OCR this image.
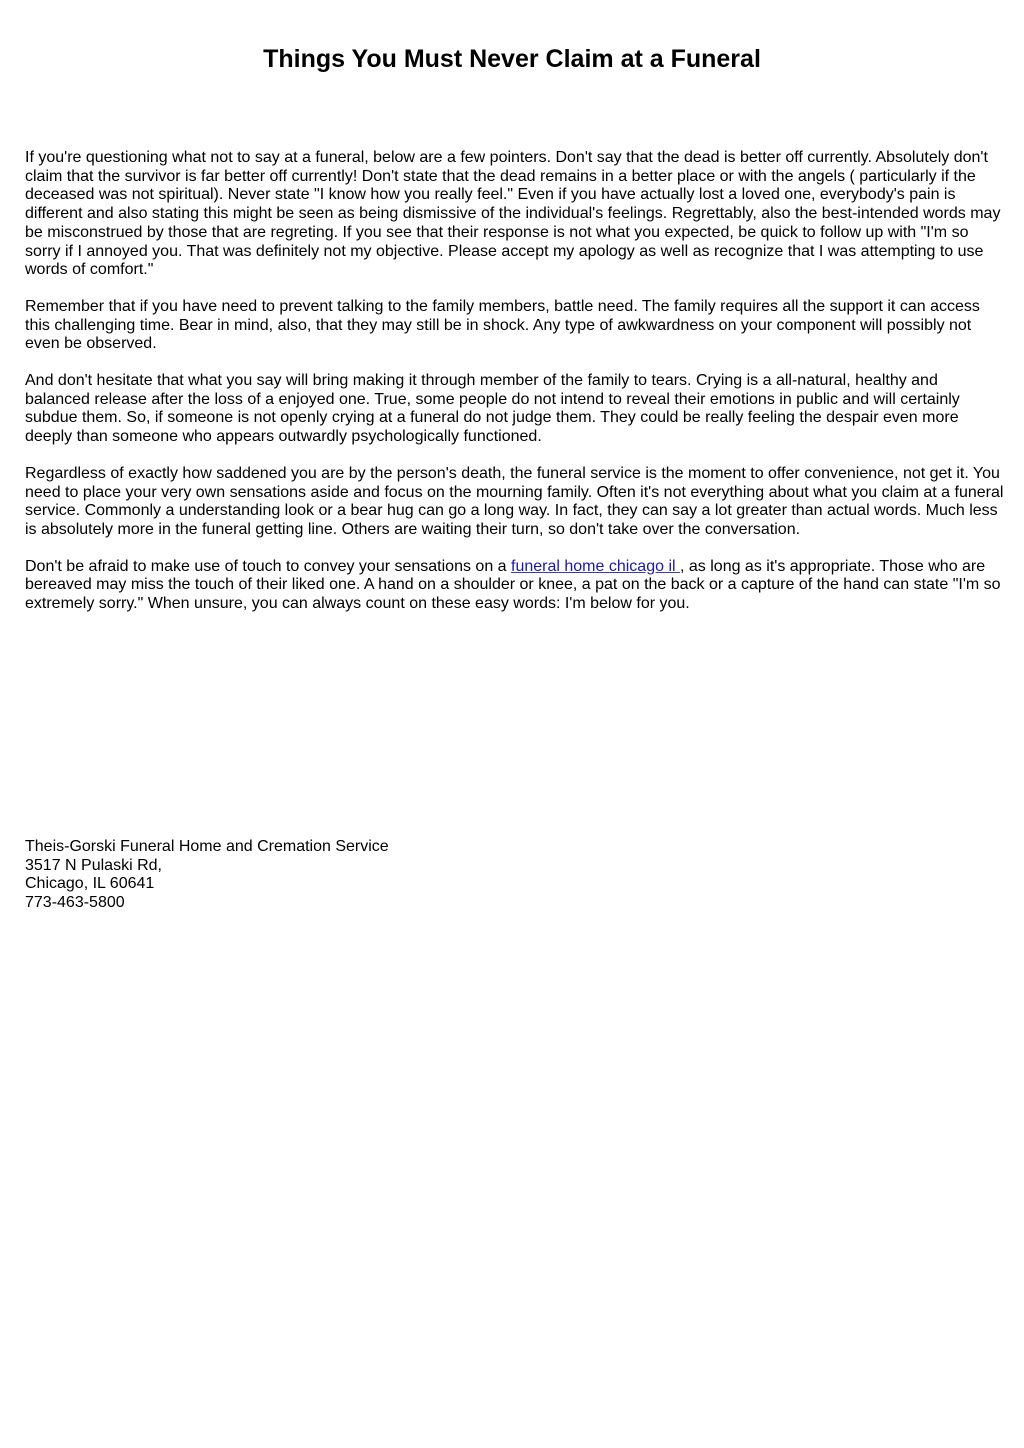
Things You Must Never Claim at a Funeral

If you're questioning what not to say at a funeral, below are a few pointers. Don't say that the dead is better off currently. Absolutely don't claim that the survivor is far better off currently! Don't state that the dead remains in a better place or with the angels ( particularly if the deceased was not spiritual). Never state "I know how you really feel." Even if you have actually lost a loved one, everybody's pain is different and also stating this might be seen as being dismissive of the individual's feelings. Regrettably, also the best-intended words may be misconstrued by those that are regreting. If you see that their response is not what you expected, be quick to follow up with "I'm so sorry if I annoyed you. That was definitely not my objective. Please accept my apology as well as recognize that I was attempting to use words of comfort."

Remember that if you have need to prevent talking to the family members, battle need. The family requires all the support it can access this challenging time. Bear in mind, also, that they may still be in shock. Any type of awkwardness on your component will possibly not even be observed.

And don't hesitate that what you say will bring making it through member of the family to tears. Crying is a all-natural, healthy and balanced release after the loss of a enjoyed one. True, some people do not intend to reveal their emotions in public and will certainly subdue them. So, if someone is not openly crying at a funeral do not judge them. They could be really feeling the despair even more deeply than someone who appears outwardly psychologically functioned.

Regardless of exactly how saddened you are by the person's death, the funeral service is the moment to offer convenience, not get it. You need to place your very own sensations aside and focus on the mourning family. Often it's not everything about what you claim at a funeral service. Commonly a understanding look or a bear hug can go a long way. In fact, they can say a lot greater than actual words. Much less is absolutely more in the funeral getting line. Others are waiting their turn, so don't take over the conversation.

Don't be afraid to make use of touch to convey your sensations on a funeral home chicago il , as long as it's appropriate. Those who are bereaved may miss the touch of their liked one. A hand on a shoulder or knee, a pat on the back or a capture of the hand can state "I'm so extremely sorry." When unsure, you can always count on these easy words: I'm below for you.

Theis-Gorski Funeral Home and Cremation Service
3517 N Pulaski Rd,
Chicago, IL 60641
773-463-5800
